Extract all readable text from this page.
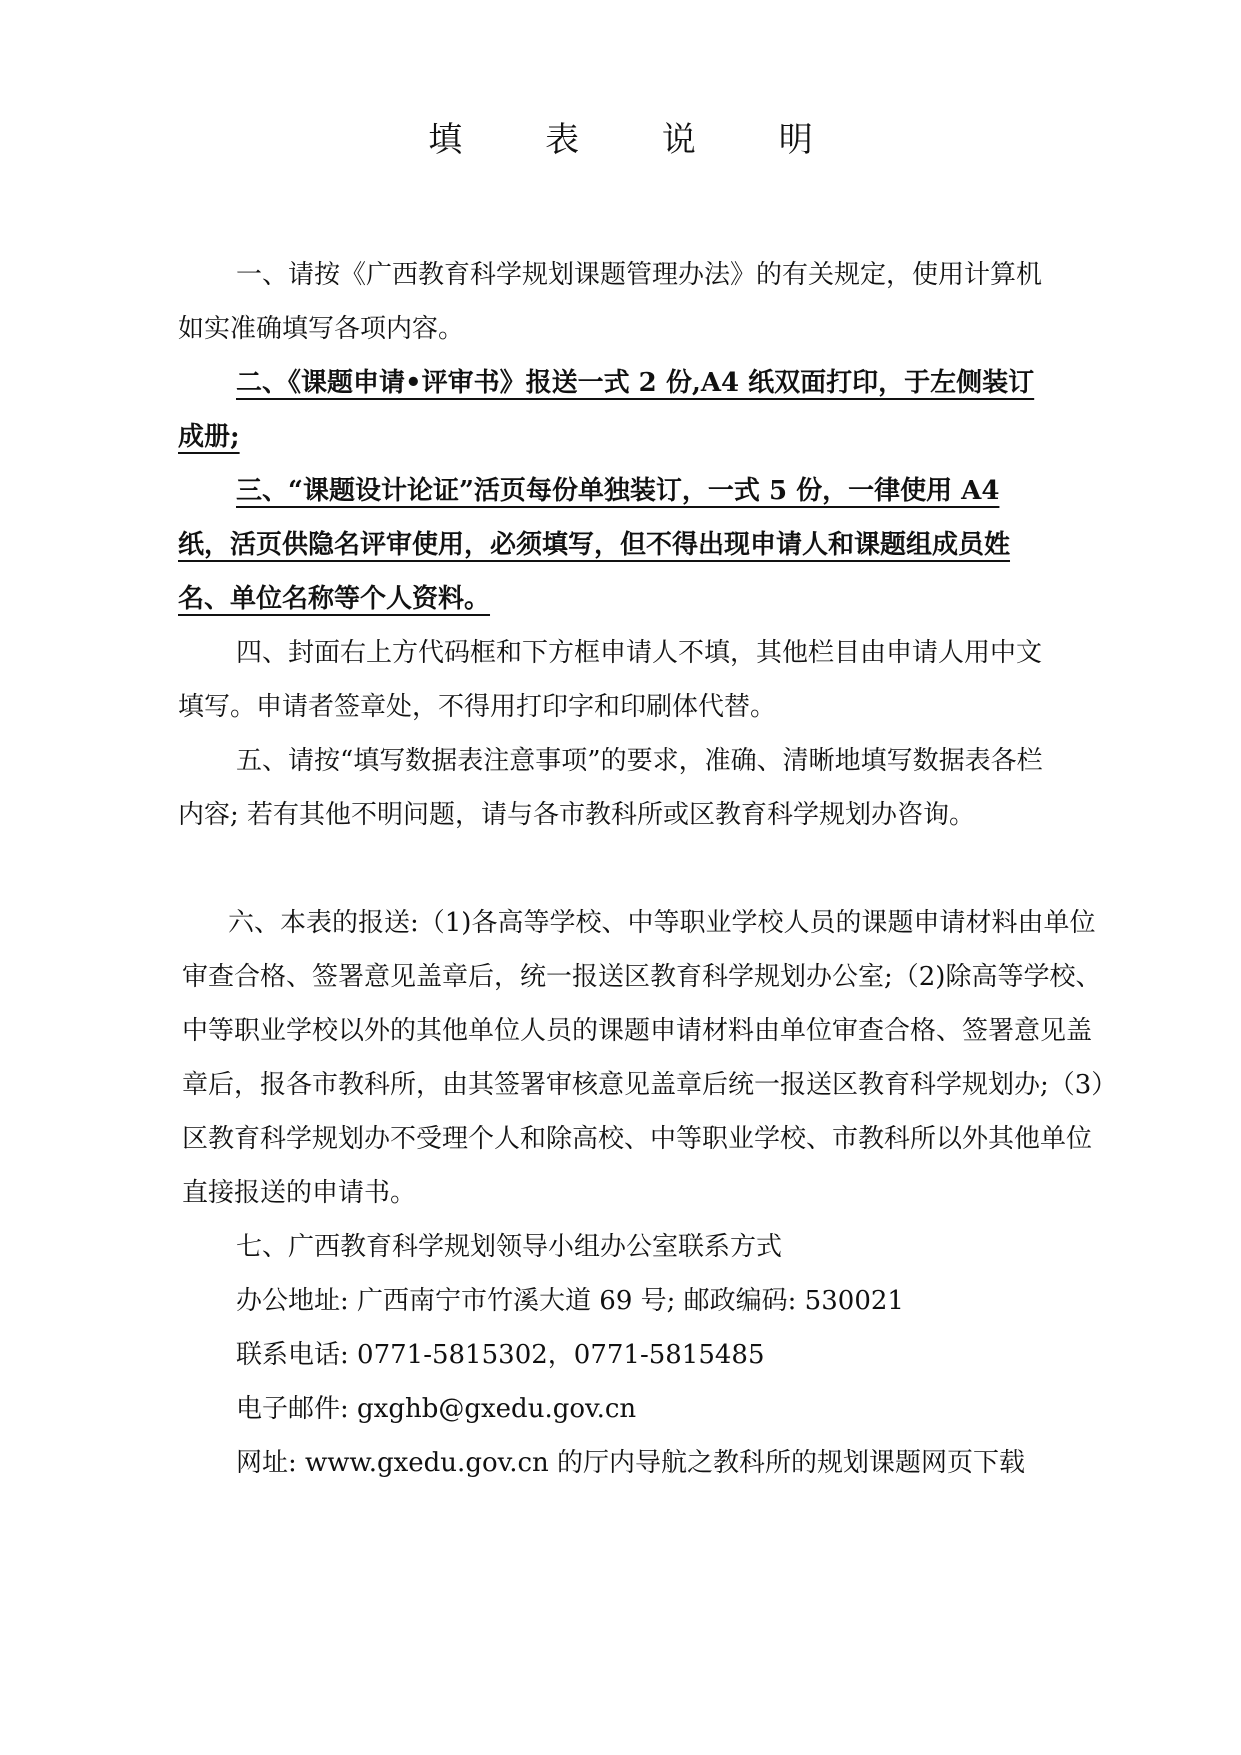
填 表 说 明

一、请按《广西教育科学规划课题管理办法》的有关规定，使用计算机如实准确填写各项内容。

二、《课题申请•评审书》报送一式 2 份,A4 纸双面打印，于左侧装订成册;

三、“课题设计论证”活页每份单独装订，一式 5 份，一律使用 A4 纸，活页供隐名评审使用，必须填写，但不得出现申请人和课题组成员姓名、单位名称等个人资料。

四、封面右上方代码框和下方框申请人不填，其他栏目由申请人用中文填写。申请者签章处，不得用打印字和印刷体代替。

五、请按“填写数据表注意事项”的要求，准确、清晰地填写数据表各栏内容; 若有其他不明问题，请与各市教科所或区教育科学规划办咨询。

六、本表的报送:（1)各高等学校、中等职业学校人员的课题申请材料由单位审查合格、签署意见盖章后，统一报送区教育科学规划办公室;（2)除高等学校、中等职业学校以外的其他单位人员的课题申请材料由单位审查合格、签署意见盖章后，报各市教科所，由其签署审核意见盖章后统一报送区教育科学规划办;（3）区教育科学规划办不受理个人和除高校、中等职业学校、市教科所以外其他单位直接报送的申请书。

七、广西教育科学规划领导小组办公室联系方式

办公地址: 广西南宁市竹溪大道 69 号; 邮政编码: 530021
联系电话: 0771-5815302，0771-5815485
电子邮件: gxghb@gxedu.gov.cn

网址: www.gxedu.gov.cn 的厅内导航之教科所的规划课题网页下载
